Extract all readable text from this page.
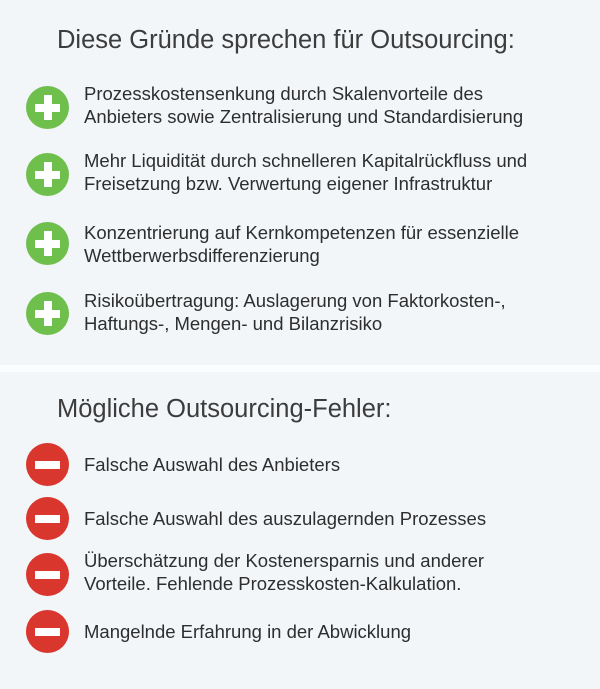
Diese Gründe sprechen für Outsourcing:
Prozesskostensenkung durch Skalenvorteile des
Anbieters sowie Zentralisierung und Standardisierung
Mehr Liquidität durch schnelleren Kapitalrückfluss und
Freisetzung bzw. Verwertung eigener Infrastruktur
Konzentrierung auf Kernkompetenzen für essenzielle
Wettberwerbsdifferenzierung
Risikoübertragung: Auslagerung von Faktorkosten-,
Haftungs-, Mengen- und Bilanzrisiko
Mögliche Outsourcing-Fehler:
Falsche Auswahl des Anbieters
Falsche Auswahl des auszulagernden Prozesses
Überschätzung der Kostenersparnis und anderer
Vorteile. Fehlende Prozesskosten-Kalkulation.
Mangelnde Erfahrung in der Abwicklung
